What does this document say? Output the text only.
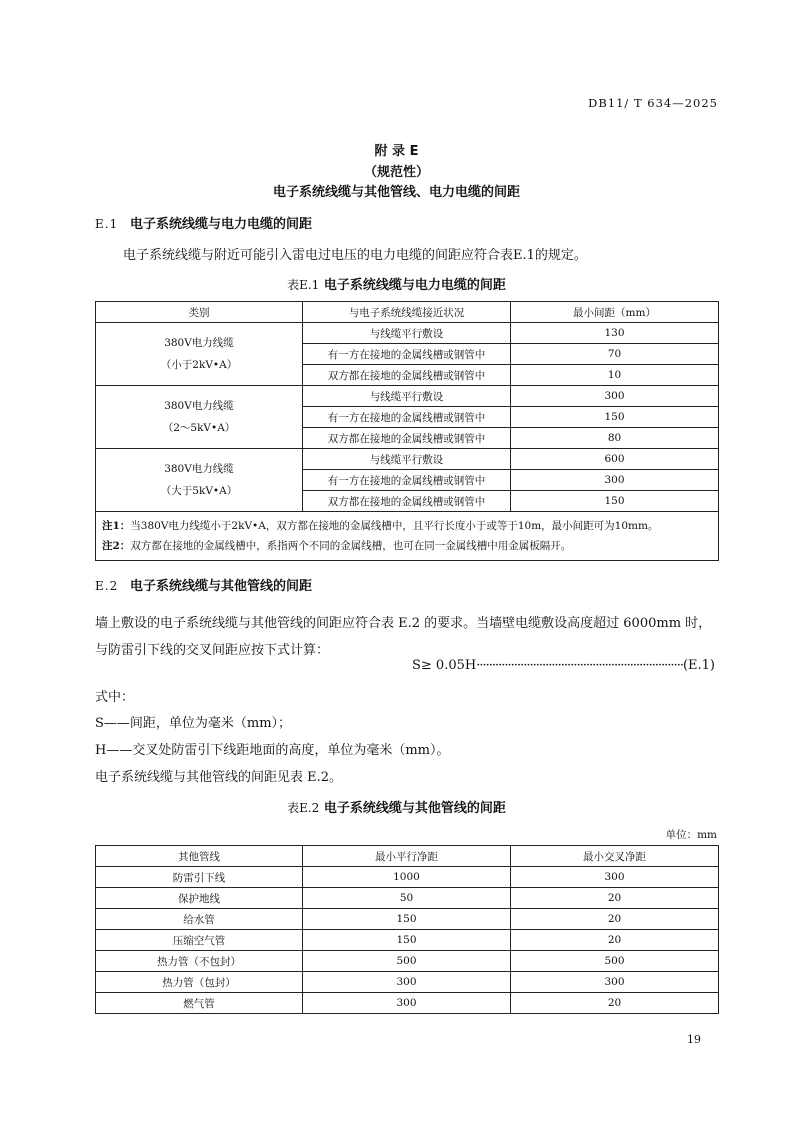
DB11/ T 634—2025
附 录 E
（规范性）
电子系统线缆与其他管线、电力电缆的间距
E.1 电子系统线缆与电力电缆的间距
电子系统线缆与附近可能引入雷电过电压的电力电缆的间距应符合表E.1的规定。
表E.1 电子系统线缆与电力电缆的间距
类别	与电子系统线缆接近状况	最小间距（mm）

380V电力线缆
（小于2kV•A）	与线缆平行敷设	130
	有一方在接地的金属线槽或钢管中	70
	双方都在接地的金属线槽或钢管中	10

380V电力线缆
（2～5kV•A）	与线缆平行敷设	300
	有一方在接地的金属线槽或钢管中	150
	双方都在接地的金属线槽或钢管中	80

380V电力线缆
（大于5kV•A）	与线缆平行敷设	600
	有一方在接地的金属线槽或钢管中	300
	双方都在接地的金属线槽或钢管中	150

注1：当380V电力线缆小于2kV•A，双方都在接地的金属线槽中，且平行长度小于或等于10m，最小间距可为10mm。
注2：双方都在接地的金属线槽中，系指两个不同的金属线槽，也可在同一金属线槽中用金属板隔开。		
E.2 电子系统线缆与其他管线的间距
墙上敷设的电子系统线缆与其他管线的间距应符合表 E.2 的要求。当墙壁电缆敷设高度超过 6000mm 时，
与防雷引下线的交叉间距应按下式计算：
S≥ 0.05H··································································(E.1)
式中：
S——间距，单位为毫米（mm）；
H——交叉处防雷引下线距地面的高度，单位为毫米（mm）。
电子系统线缆与其他管线的间距见表 E.2。
表E.2 电子系统线缆与其他管线的间距
单位：mm
其他管线	最小平行净距	最小交叉净距
防雷引下线	1000	300
保护地线	50	20
给水管	150	20
压缩空气管	150	20
热力管（不包封）	500	500
热力管（包封）	300	300
燃气管	300	20
19
